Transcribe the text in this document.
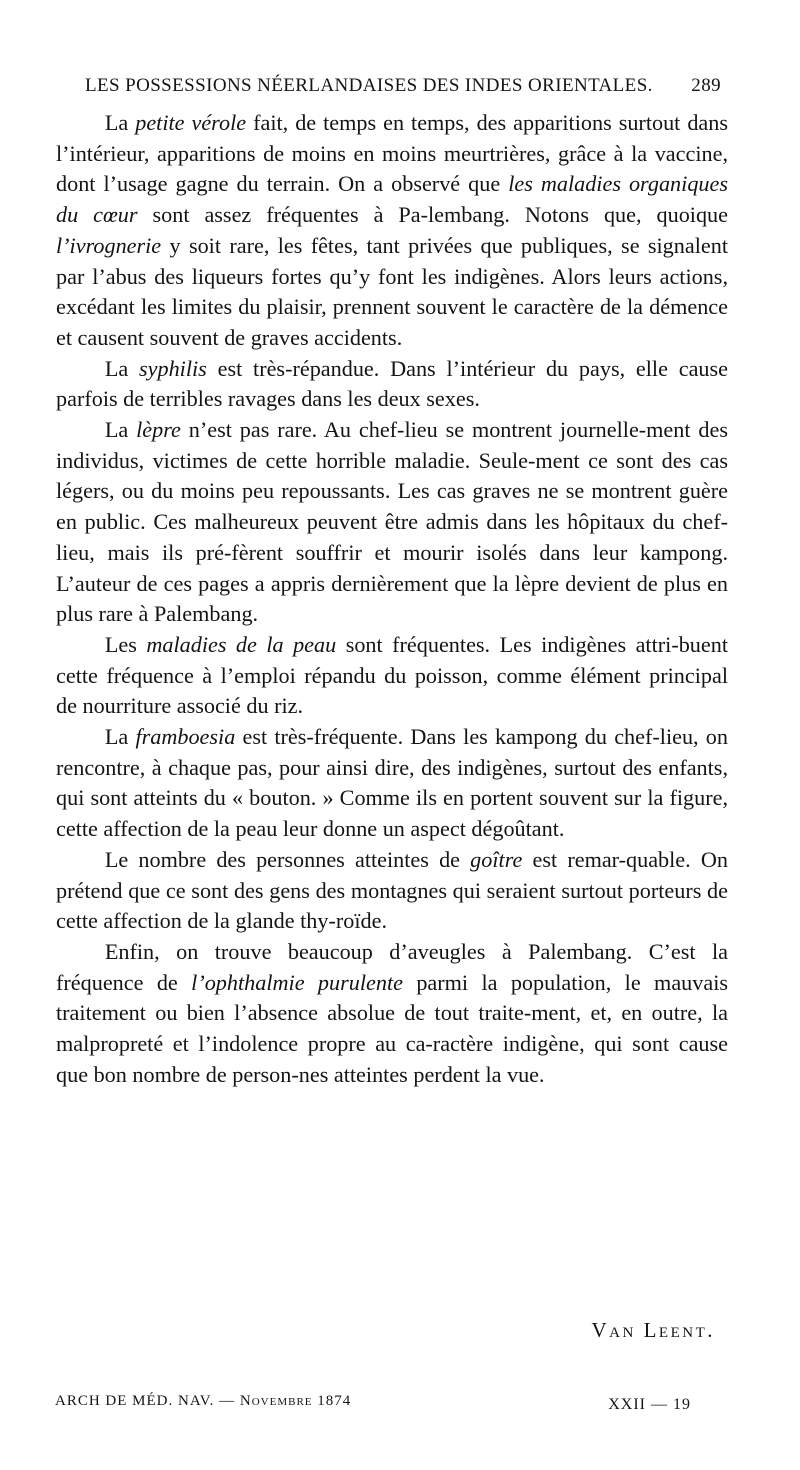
LES POSSESSIONS NÉERLANDAISES DES INDES ORIENTALES. 289

La petite vérole fait, de temps en temps, des apparitions surtout dans l’intérieur, apparitions de moins en moins meurtrières, grâce à la vaccine, dont l’usage gagne du terrain. On a observé que les maladies organiques du cœur sont assez fréquentes à Pa-lembang. Notons que, quoique l’ivrognerie y soit rare, les fêtes, tant privées que publiques, se signalent par l’abus des liqueurs fortes qu’y font les indigènes. Alors leurs actions, excédant les limites du plaisir, prennent souvent le caractère de la démence et causent souvent de graves accidents.

La syphilis est très-répandue. Dans l’intérieur du pays, elle cause parfois de terribles ravages dans les deux sexes.

La lèpre n’est pas rare. Au chef-lieu se montrent journelle-ment des individus, victimes de cette horrible maladie. Seule-ment ce sont des cas légers, ou du moins peu repoussants. Les cas graves ne se montrent guère en public. Ces malheureux peuvent être admis dans les hôpitaux du chef-lieu, mais ils pré-fèrent souffrir et mourir isolés dans leur kampong. L’auteur de ces pages a appris dernièrement que la lèpre devient de plus en plus rare à Palembang.

Les maladies de la peau sont fréquentes. Les indigènes attri-buent cette fréquence à l’emploi répandu du poisson, comme élément principal de nourriture associé du riz.

La framboesia est très-fréquente. Dans les kampong du chef-lieu, on rencontre, à chaque pas, pour ainsi dire, des indigènes, surtout des enfants, qui sont atteints du « bouton. » Comme ils en portent souvent sur la figure, cette affection de la peau leur donne un aspect dégoûtant.

Le nombre des personnes atteintes de goître est remar-quable. On prétend que ce sont des gens des montagnes qui seraient surtout porteurs de cette affection de la glande thy-roïde.

Enfin, on trouve beaucoup d’aveugles à Palembang. C’est la fréquence de l’ophthalmie purulente parmi la population, le mauvais traitement ou bien l’absence absolue de tout traite-ment, et, en outre, la malpropreté et l’indolence propre au ca-ractère indigène, qui sont cause que bon nombre de person-nes atteintes perdent la vue.

Van Leent.
ARCH DE MÉD. NAV. — Novembre 1874	XXII — 19
